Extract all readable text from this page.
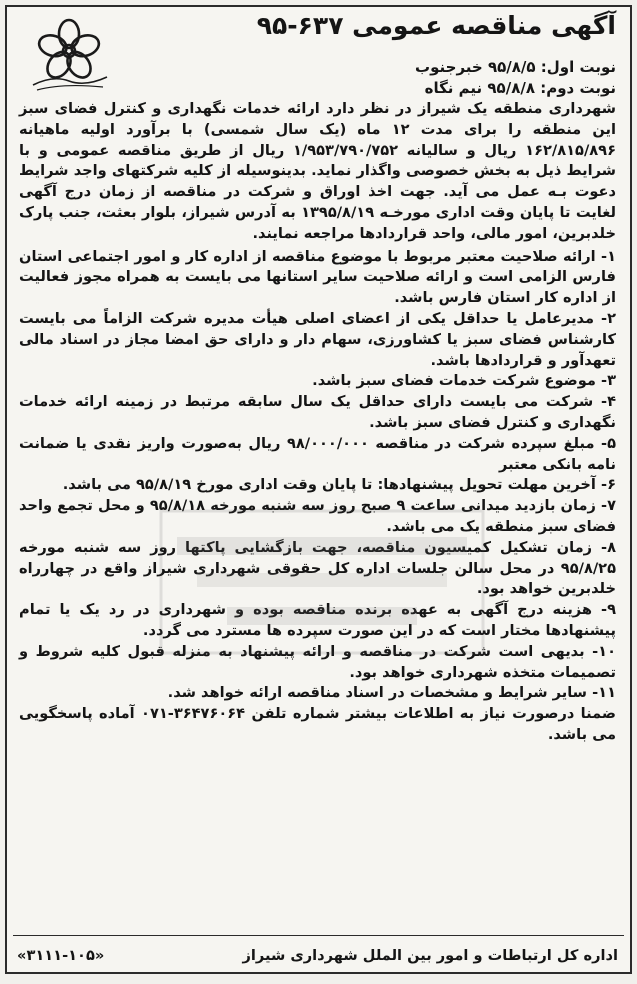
آگهی مناقصه عمومی ۶۳۷-۹۵
نوبت اول: ۹۵/۸/۵ خبرجنوب
نوبت دوم: ۹۵/۸/۸ نیم نگاه

شهرداری منطقه یک شیراز در نظر دارد ارائه خدمات نگهداری و کنترل فضای سبز این منطقه را برای مدت ۱۲ ماه (یک سال شمسی) با برآورد اولیه ماهیانه ۱۶۲/۸۱۵/۸۹۶ ریال و سالیانه ۱/۹۵۳/۷۹۰/۷۵۲ ریال از طریق مناقصه عمومی و با شرایط ذیل به بخش خصوصی واگذار نماید. بدینوسیله از کلیه شرکتهای واجد شرایط دعوت بـه عمل می آید. جهت اخذ اوراق و شرکت در مناقصه از زمان درج آگهی لغایت تا پایان وقت اداری مورخـه ۱۳۹۵/۸/۱۹ به آدرس شیراز، بلوار بعثت، جنب پارک خلدبرین، امور مالی، واحد قراردادها مراجعه نمایند.

۱- ارائه صلاحیت معتبر مربوط با موضوع مناقصه از اداره کار و امور اجتماعی استان فارس الزامی است و ارائه صلاحیت سایر استانها می بایست به همراه مجوز فعالیت از اداره کار استان فارس باشد.

۲- مدیرعامل یا حداقل یکی از اعضای اصلی هیأت مدیره شرکت الزاماً می بایست کارشناس فضای سبز یا کشاورزی، سهام دار و دارای حق امضا مجاز در اسناد مالی تعهدآور و قراردادها باشد.

۳- موضوع شرکت خدمات فضای سبز باشد.

۴- شرکت می بایست دارای حداقل یک سال سابقه مرتبط در زمینه ارائه خدمات نگهداری و کنترل فضای سبز باشد.

۵- مبلغ سپرده شرکت در مناقصه ۹۸/۰۰۰/۰۰۰ ریال به‌صورت واریز نقدی یا ضمانت نامه بانکی معتبر

۶- آخرین مهلت تحویل پیشنهادها: تا پایان وقت اداری مورخ ۹۵/۸/۱۹ می باشد.

۷- زمان بازدید میدانی ساعت ۹ صبح روز سه شنبه مورخه ۹۵/۸/۱۸ و محل تجمع واحد فضای سبز منطقه یک می باشد.

۸- زمان تشکیل کمیسیون مناقصه، جهت بازگشایی پاکتها روز سه شنبه مورخه ۹۵/۸/۲۵ در محل سالن جلسات اداره کل حقوقی شهرداری شیراز واقع در چهارراه خلدبرین خواهد بود.

۹- هزینه درج آگهی به عهده برنده مناقصه بوده و شهرداری در رد یک یا تمام پیشنهادها مختار است که در این صورت سپرده ها مسترد می گردد.

۱۰- بدیهی است شرکت در مناقصه و ارائه پیشنهاد به منزله قبول کلیه شروط و تصمیمات متخذه شهرداری خواهد بود.

۱۱- سایر شرایط و مشخصات در اسناد مناقصه ارائه خواهد شد.

ضمنا درصورت نیاز به اطلاعات بیشتر شماره تلفن ۳۶۴۷۶۰۶۴-۰۷۱ آماده پاسخگویی می باشد.

اداره کل ارتباطات و امور بین الملل شهرداری شیراز
«۳۱۱۱-۱۰۵»
